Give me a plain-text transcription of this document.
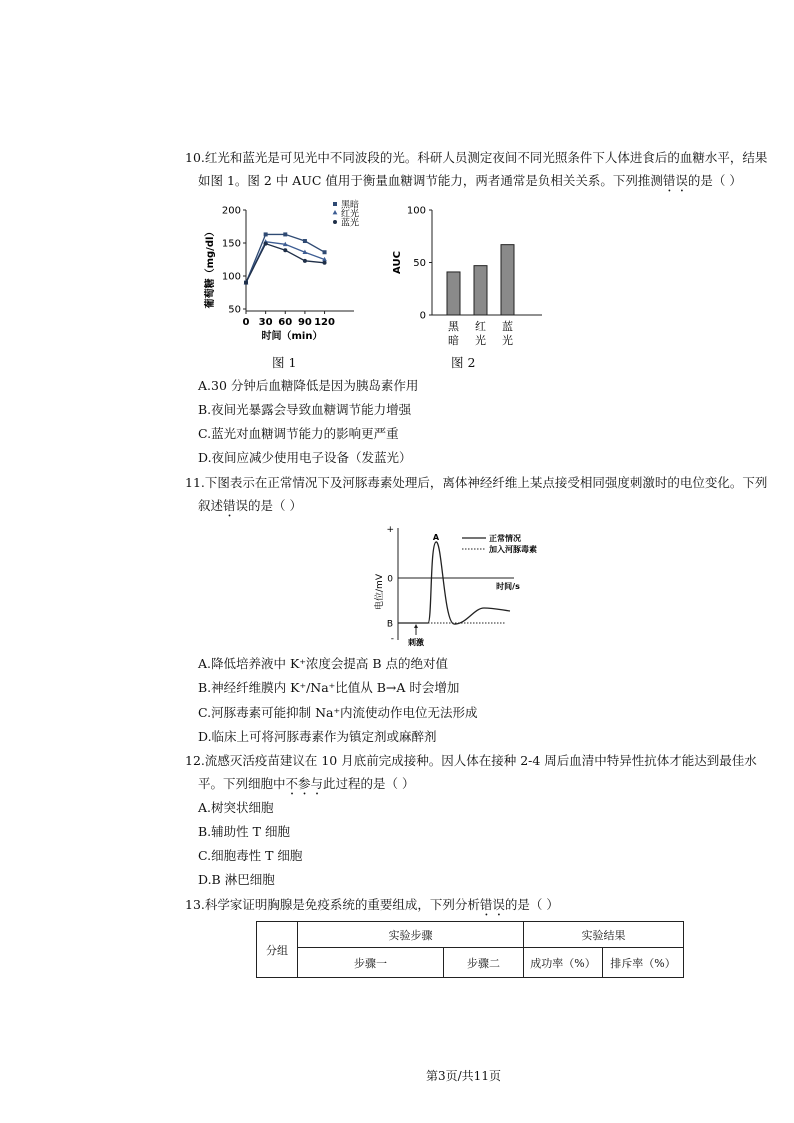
10.红光和蓝光是可见光中不同波段的光。科研人员测定夜间不同光照条件下人体进食后的血糖水平，结果
如图 1。图 2 中 AUC 值用于衡量血糖调节能力，两者通常是负相关关系。下列推测错误的是（ ）
50
100
150
200
0 30 60 90 120
时间（min）
葡萄糖（mg/dl）
黑暗
红光
蓝光
图 1
0
50
100
AUC
黑
暗
红
光
蓝
光
图 2
A.30 分钟后血糖降低是因为胰岛素作用
B.夜间光暴露会导致血糖调节能力增强
C.蓝光对血糖调节能力的影响更严重
D.夜间应减少使用电子设备（发蓝光）
11.下图表示在正常情况下及河豚毒素处理后，离体神经纤维上某点接受相同强度刺激时的电位变化。下列
叙述错误的是（ ）
+
-
0
B
电位/mV	时间/s
A
刺激
正常情况
加入河豚毒素
A.降低培养液中 K⁺浓度会提高 B 点的绝对值
B.神经纤维膜内 K⁺/Na⁺比值从 B→A 时会增加
C.河豚毒素可能抑制 Na⁺内流使动作电位无法形成
D.临床上可将河豚毒素作为镇定剂或麻醉剂
12.流感灭活疫苗建议在 10 月底前完成接种。因人体在接种 2-4 周后血清中特异性抗体才能达到最佳水
平。下列细胞中不参与此过程的是（ ）
A.树突状细胞
B.辅助性 T 细胞
C.细胞毒性 T 细胞
D.B 淋巴细胞
13.科学家证明胸腺是免疫系统的重要组成，下列分析错误的是（ ）
分组	实验步骤		实验结果	
	步骤一	步骤二	成功率（%）	排斥率（%）
第3页/共11页
